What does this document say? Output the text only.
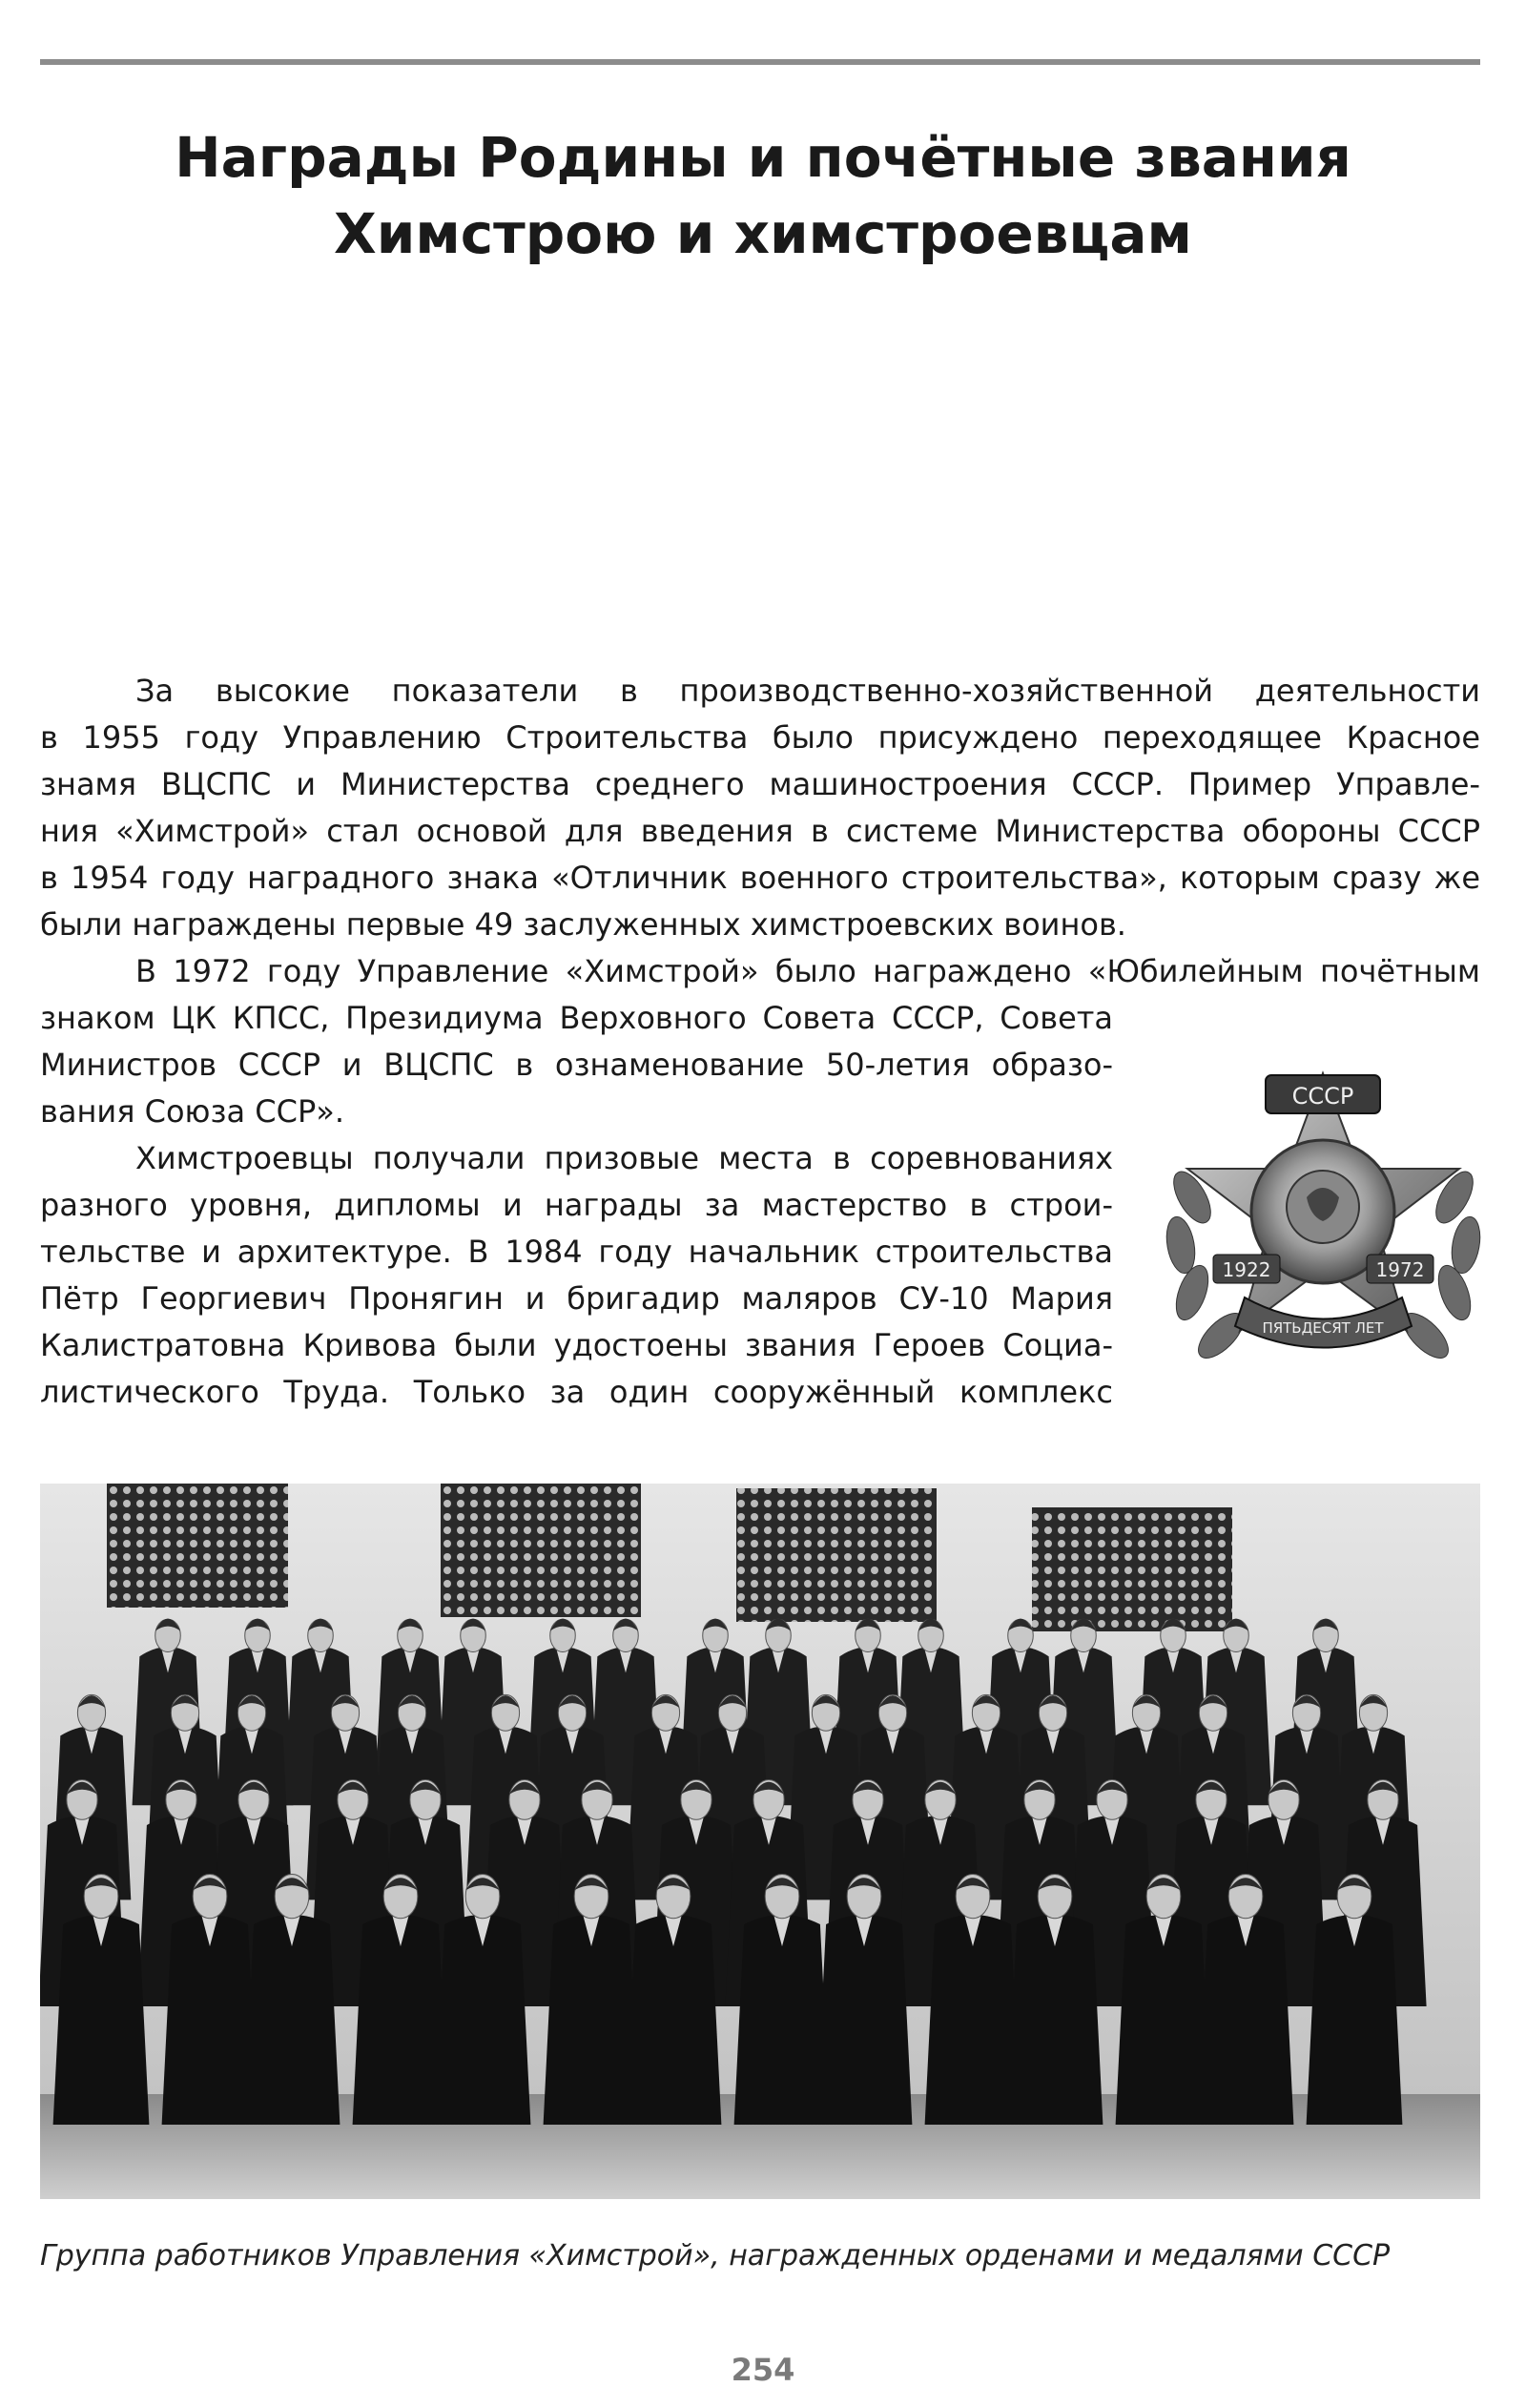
Награды Родины и почётные звания
Химстрою и химстроевцам
За высокие показатели в производственно-хозяйственной деятельности
в 1955 году Управлению Строительства было присуждено переходящее Красное
знамя ВЦСПС и Министерства среднего машиностроения СССР. Пример Управле-
ния «Химстрой» стал основой для введения в системе Министерства обороны СССР
в 1954 году наградного знака «Отличник военного строительства», которым сразу же
были награждены первые 49 заслуженных химстроевских воинов.
В 1972 году Управление «Химстрой» было награждено «Юбилейным почётным
знаком ЦК КПСС, Президиума Верховного Совета СССР, Совета
Министров СССР и ВЦСПС в ознаменование 50-летия образо-
вания Союза ССР».
Химстроевцы получали призовые места в соревнованиях
разного уровня, дипломы и награды за мастерство в строи-
тельстве и архитектуре. В 1984 году начальник строительства
Пётр Георгиевич Пронягин и бригадир маляров СУ-10 Мария
Калистратовна Кривова были удостоены звания Героев Социа-
листического Труда. Только за один сооружённый комплекс
СССР
1922	1972
ПЯТЬДЕСЯТ ЛЕТ
Группа работников Управления «Химстрой», награжденных орденами и медалями СССР
254
